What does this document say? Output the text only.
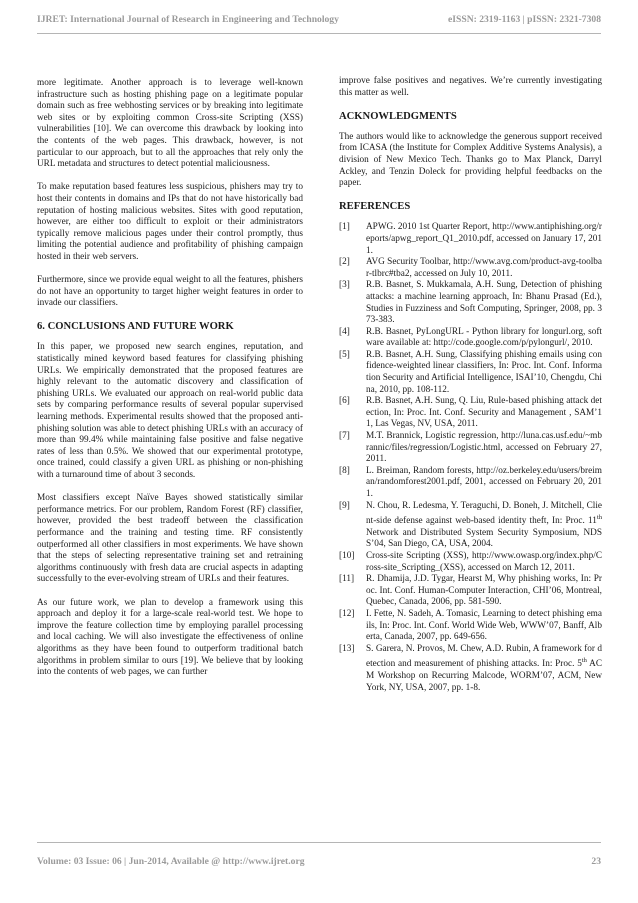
IJRET: International Journal of Research in Engineering and Technology	eISSN: 2319-1163 | pISSN: 2321-7308

more legitimate. Another approach is to leverage well-known infrastructure such as hosting phishing page on a legitimate popular domain such as free webhosting services or by breaking into legitimate web sites or by exploiting common Cross-site Scripting (XSS) vulnerabilities [10]. We can overcome this drawback by looking into the contents of the web pages. This drawback, however, is not particular to our approach, but to all the approaches that rely only the URL metadata and structures to detect potential maliciousness.

To make reputation based features less suspicious, phishers may try to host their contents in domains and IPs that do not have historically bad reputation of hosting malicious websites. Sites with good reputation, however, are either too difficult to exploit or their administrators typically remove malicious pages under their control promptly, thus limiting the potential audience and profitability of phishing campaign hosted in their web servers.

Furthermore, since we provide equal weight to all the features, phishers do not have an opportunity to target higher weight features in order to invade our classifiers.

6. CONCLUSIONS AND FUTURE WORK

In this paper, we proposed new search engines, reputation, and statistically mined keyword based features for classifying phishing URLs. We empirically demonstrated that the proposed features are highly relevant to the automatic discovery and classification of phishing URLs. We evaluated our approach on real-world public data sets by comparing performance results of several popular supervised learning methods. Experimental results showed that the proposed anti-phishing solution was able to detect phishing URLs with an accuracy of more than 99.4% while maintaining false positive and false negative rates of less than 0.5%. We showed that our experimental prototype, once trained, could classify a given URL as phishing or non-phishing with a turnaround time of about 3 seconds.

Most classifiers except Naïve Bayes showed statistically similar performance metrics. For our problem, Random Forest (RF) classifier, however, provided the best tradeoff between the classification performance and the training and testing time. RF consistently outperformed all other classifiers in most experiments. We have shown that the steps of selecting representative training set and retraining algorithms continuously with fresh data are crucial aspects in adapting successfully to the ever-evolving stream of URLs and their features.

As our future work, we plan to develop a framework using this approach and deploy it for a large-scale real-world test. We hope to improve the feature collection time by employing parallel processing and local caching. We will also investigate the effectiveness of online algorithms as they have been found to outperform traditional batch algorithms in problem similar to ours [19]. We believe that by looking into the contents of web pages, we can further

improve false positives and negatives. We’re currently investigating this matter as well.

ACKNOWLEDGMENTS

The authors would like to acknowledge the generous support received from ICASA (the Institute for Complex Additive Systems Analysis), a division of New Mexico Tech. Thanks go to Max Planck, Darryl Ackley, and Tenzin Doleck for providing helpful feedbacks on the paper.

REFERENCES
[1]	APWG. 2010 1st Quarter Report, http://www.antiphishing.org/reports/apwg_report_Q1_2010.pdf, accessed on January 17, 2011.
[2]	AVG Security Toolbar, http://www.avg.com/product-avg-toolbar-tlbrc#tba2, accessed on July 10, 2011.
[3]	R.B. Basnet, S. Mukkamala, A.H. Sung, Detection of phishing attacks: a machine learning approach, In: Bhanu Prasad (Ed.), Studies in Fuzziness and Soft Computing, Springer, 2008, pp. 373-383.
[4]	R.B. Basnet, PyLongURL - Python library for longurl.org, software available at: http://code.google.com/p/pylongurl/, 2010.
[5]	R.B. Basnet, A.H. Sung, Classifying phishing emails using confidence-weighted linear classifiers, In: Proc. Int. Conf. Information Security and Artificial Intelligence, ISAI’10, Chengdu, China, 2010, pp. 108-112.
[6]	R.B. Basnet, A.H. Sung, Q. Liu, Rule-based phishing attack detection, In: Proc. Int. Conf. Security and Management , SAM’11, Las Vegas, NV, USA, 2011.
[7]	M.T. Brannick, Logistic regression, http://luna.cas.usf.edu/~mbrannic/files/regression/Logistic.html, accessed on February 27, 2011.
[8]	L. Breiman, Random forests, http://oz.berkeley.edu/users/breiman/randomforest2001.pdf, 2001, accessed on February 20, 2011.
[9]	N. Chou, R. Ledesma, Y. Teraguchi, D. Boneh, J. Mitchell, Client-side defense against web-based identity theft, In: Proc. 11th Network and Distributed System Security Symposium, NDSS’04, San Diego, CA, USA, 2004.
[10]	Cross-site Scripting (XSS), http://www.owasp.org/index.php/Cross-site_Scripting_(XSS), accessed on March 12, 2011.
[11]	R. Dhamija, J.D. Tygar, Hearst M, Why phishing works, In: Proc. Int. Conf. Human-Computer Interaction, CHI’06, Montreal, Quebec, Canada, 2006, pp. 581-590.
[12]	I. Fette, N. Sadeh, A. Tomasic, Learning to detect phishing emails, In: Proc. Int. Conf. World Wide Web, WWW’07, Banff, Alberta, Canada, 2007, pp. 649-656.
[13]	S. Garera, N. Provos, M. Chew, A.D. Rubin, A framework for detection and measurement of phishing attacks. In: Proc. 5th ACM Workshop on Recurring Malcode, WORM’07, ACM, New York, NY, USA, 2007, pp. 1-8.
Volume: 03 Issue: 06 | Jun-2014, Available @ http://www.ijret.org	23
